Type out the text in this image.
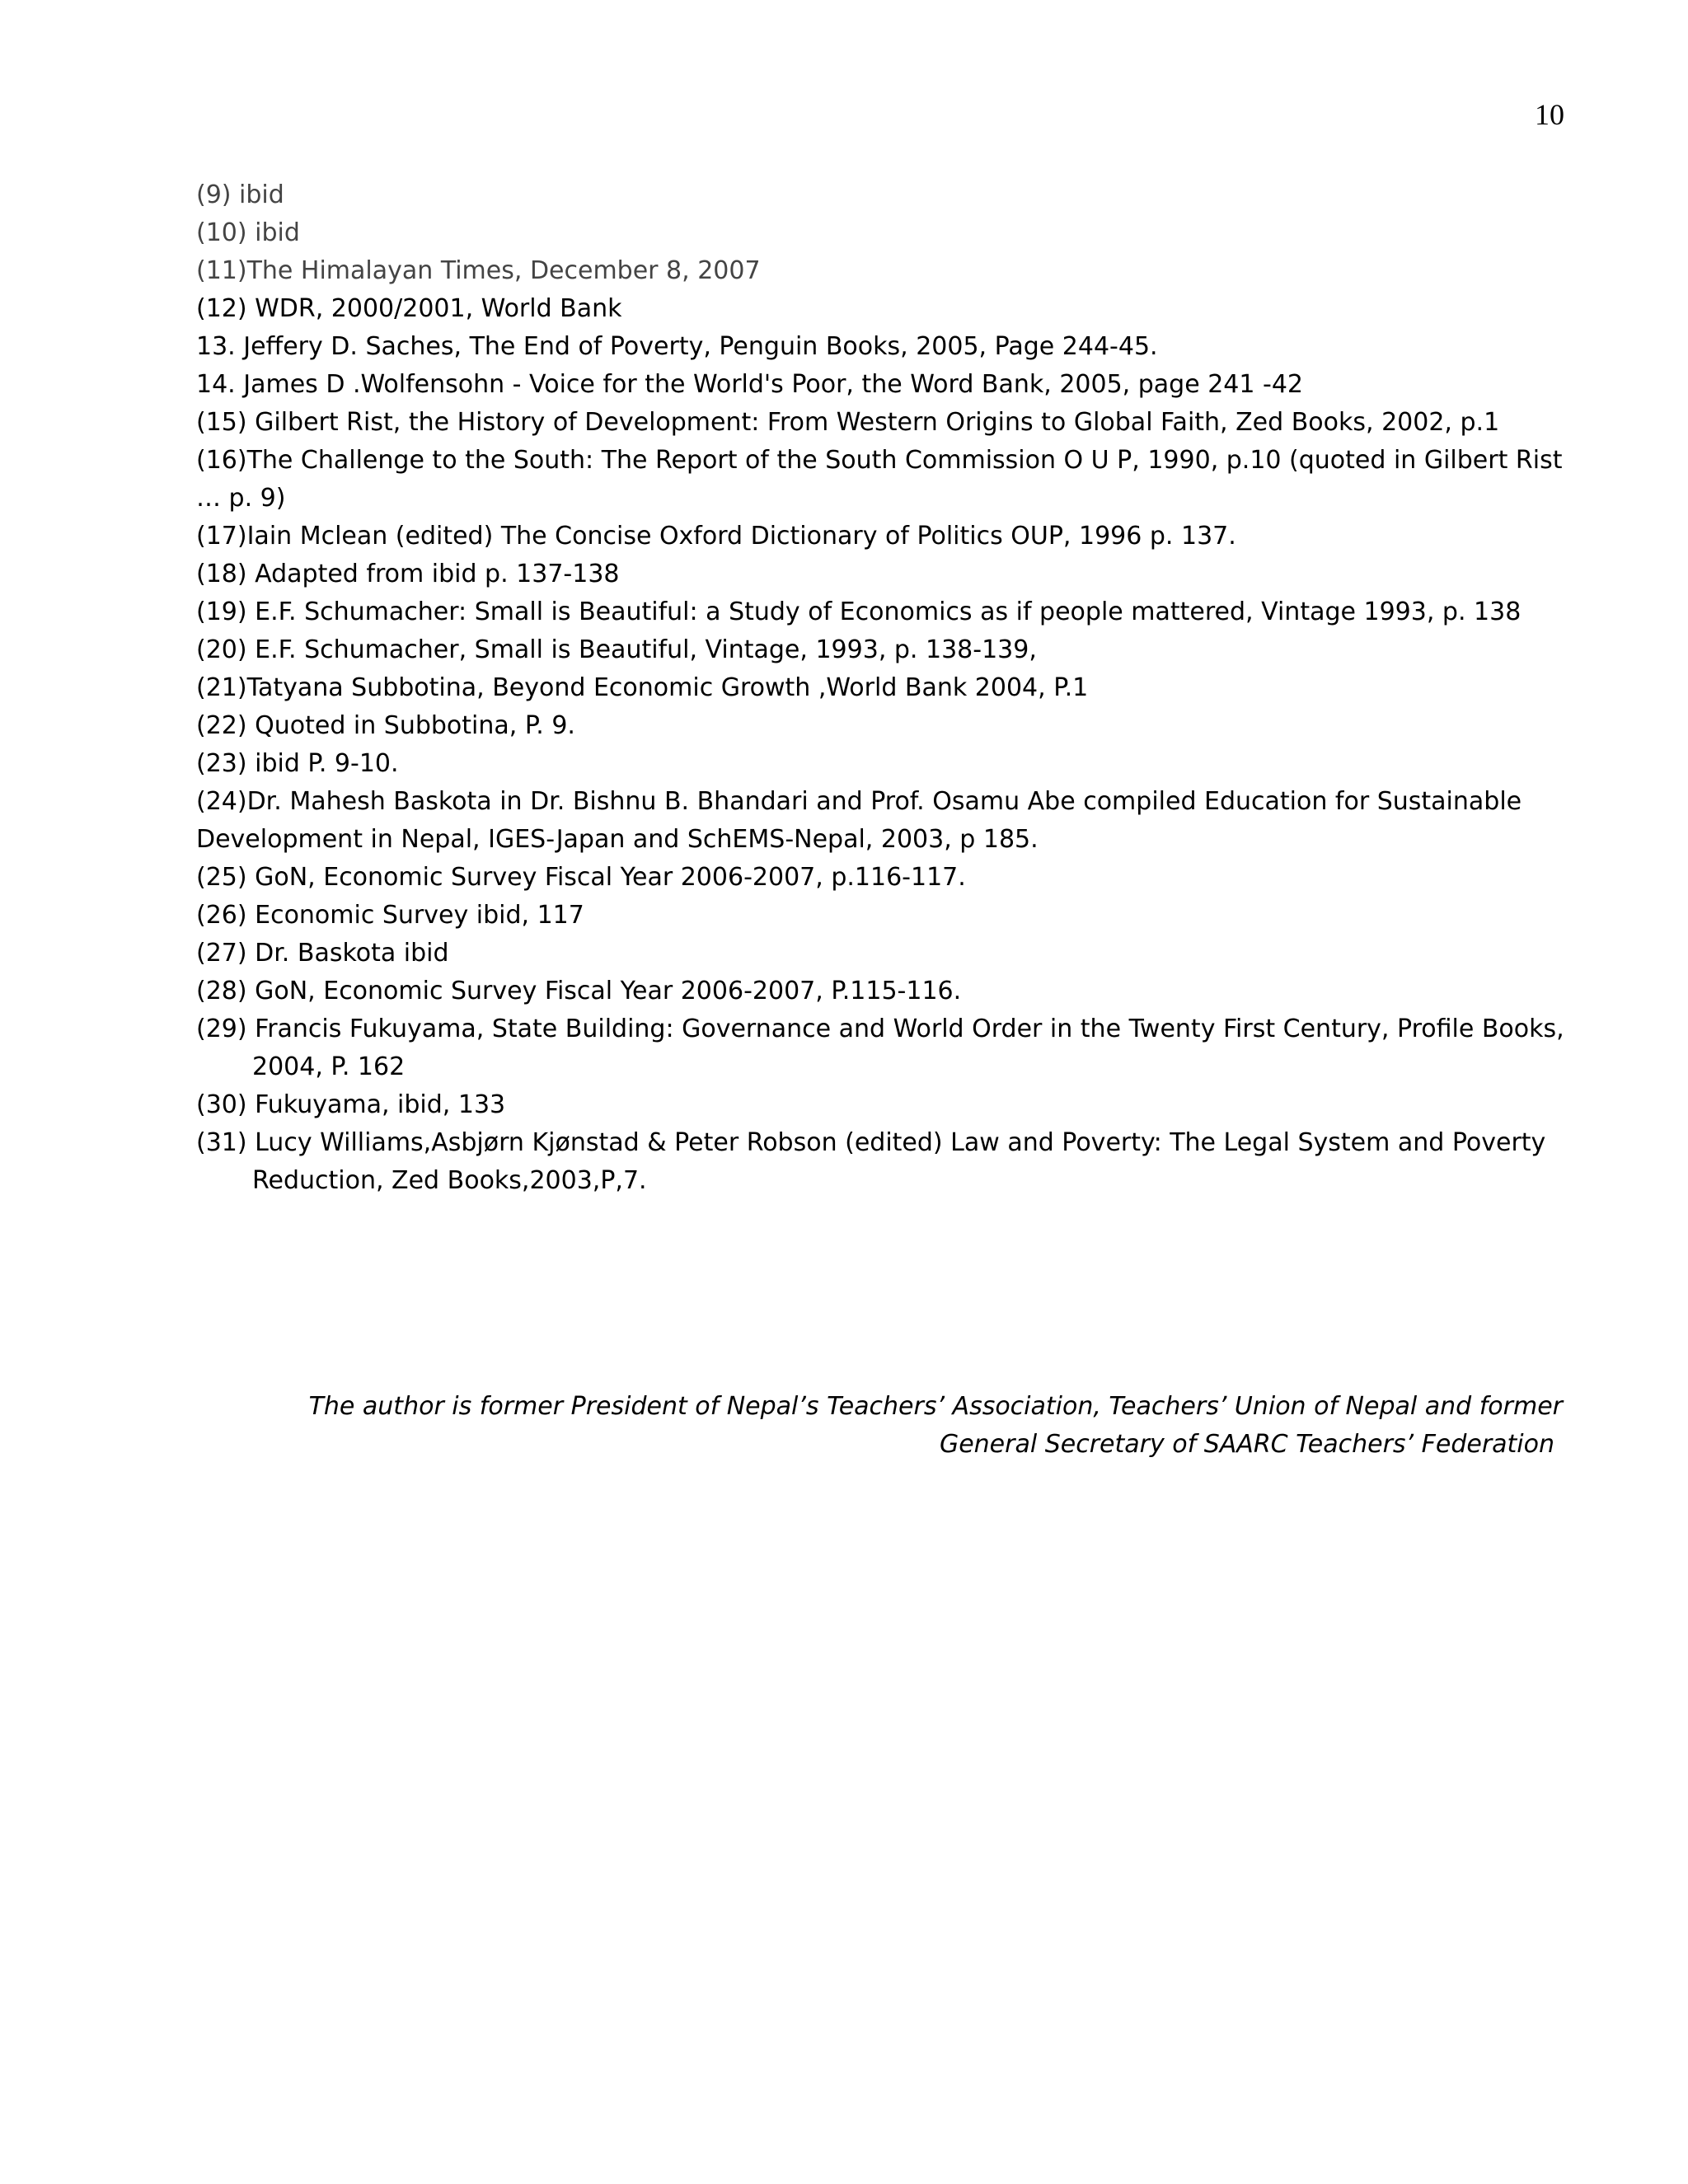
10
(9) ibid
(10) ibid
(11)The Himalayan Times, December 8, 2007
(12) WDR, 2000/2001, World Bank
13. Jeffery D. Saches, The End of Poverty, Penguin Books, 2005, Page 244-45.
14. James D .Wolfensohn - Voice for the World's Poor, the Word Bank, 2005, page 241 -42
(15) Gilbert Rist, the History of Development: From Western Origins to Global Faith, Zed Books, 2002, p.1
(16)The Challenge to the South: The Report of the South Commission O U P, 1990, p.10 (quoted in Gilbert Rist … p. 9)
(17)Iain Mclean (edited) The Concise Oxford Dictionary of Politics OUP, 1996 p. 137.
(18) Adapted from ibid p. 137-138
(19) E.F. Schumacher: Small is Beautiful: a Study of Economics as if people mattered, Vintage 1993, p. 138
(20) E.F. Schumacher, Small is Beautiful, Vintage, 1993, p. 138-139,
(21)Tatyana Subbotina, Beyond Economic Growth ,World Bank 2004, P.1
(22) Quoted in Subbotina, P. 9.
(23) ibid P. 9-10.
(24)Dr. Mahesh Baskota in Dr. Bishnu B. Bhandari and Prof. Osamu Abe compiled Education for Sustainable Development in Nepal, IGES-Japan and SchEMS-Nepal, 2003, p 185.
(25) GoN, Economic Survey Fiscal Year 2006-2007, p.116-117.
(26) Economic Survey ibid, 117
(27) Dr. Baskota ibid
(28) GoN, Economic Survey Fiscal Year 2006-2007, P.115-116.
(29) Francis Fukuyama, State Building: Governance and World Order in the Twenty First Century, Profile Books, 2004, P. 162
(30) Fukuyama, ibid, 133
(31) Lucy Williams,Asbjørn Kjønstad & Peter Robson (edited) Law and Poverty: The Legal System and Poverty Reduction, Zed Books,2003,P,7.
The author is former President of Nepal’s Teachers’ Association, Teachers’ Union of Nepal and former
General Secretary of SAARC Teachers’ Federation
